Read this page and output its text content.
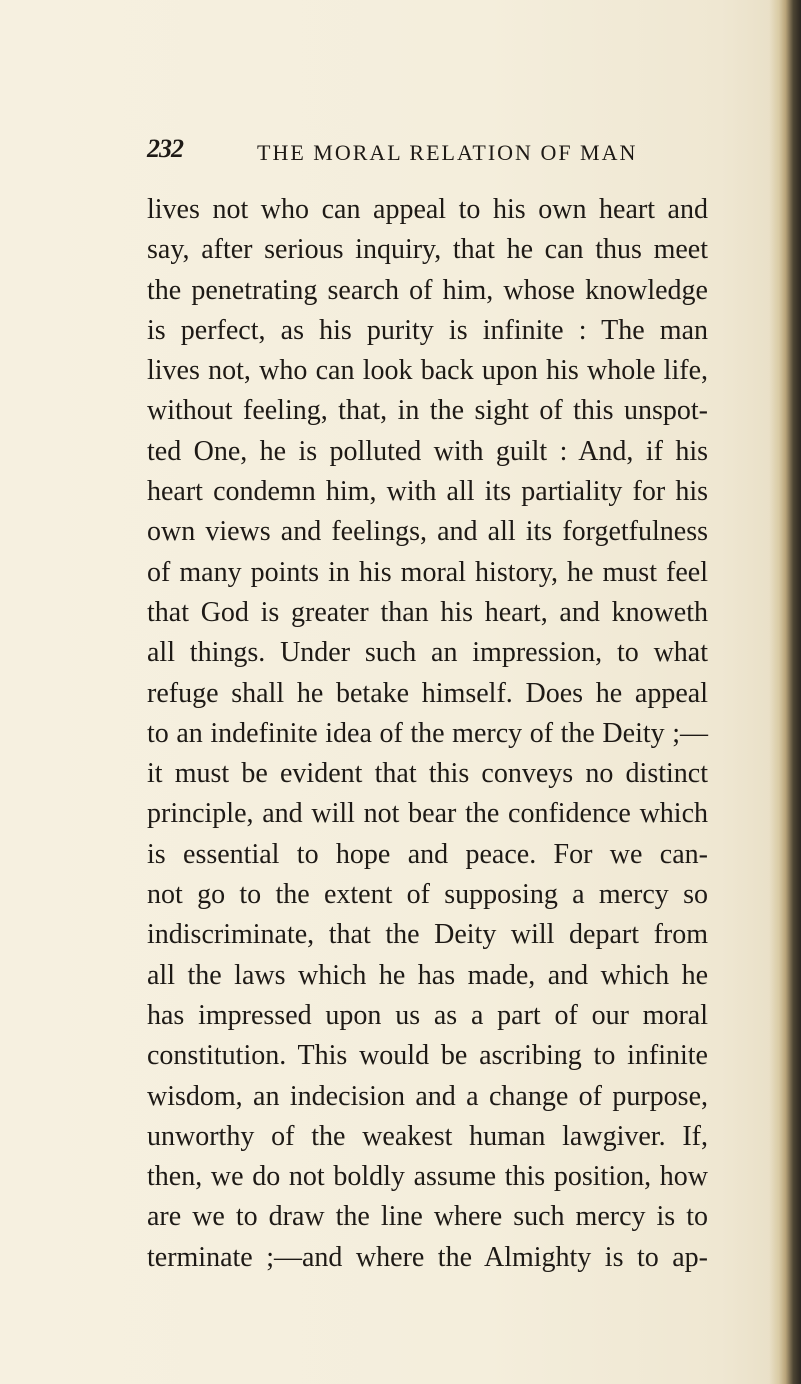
232	THE MORAL RELATION OF MAN
lives not who can appeal to his own heart and
say, after serious inquiry, that he can thus meet
the penetrating search of him, whose knowledge
is perfect, as his purity is infinite : The man
lives not, who can look back upon his whole life,
without feeling, that, in the sight of this unspot-
ted One, he is polluted with guilt : And, if his
heart condemn him, with all its partiality for his
own views and feelings, and all its forgetfulness
of many points in his moral history, he must feel
that God is greater than his heart, and knoweth
all things. Under such an impression, to what
refuge shall he betake himself. Does he appeal
to an indefinite idea of the mercy of the Deity ;—
it must be evident that this conveys no distinct
principle, and will not bear the confidence which
is essential to hope and peace. For we can-
not go to the extent of supposing a mercy so
indiscriminate, that the Deity will depart from
all the laws which he has made, and which he
has impressed upon us as a part of our moral
constitution. This would be ascribing to infinite
wisdom, an indecision and a change of purpose,
unworthy of the weakest human lawgiver. If,
then, we do not boldly assume this position, how
are we to draw the line where such mercy is to
terminate ;—and where the Almighty is to ap-
